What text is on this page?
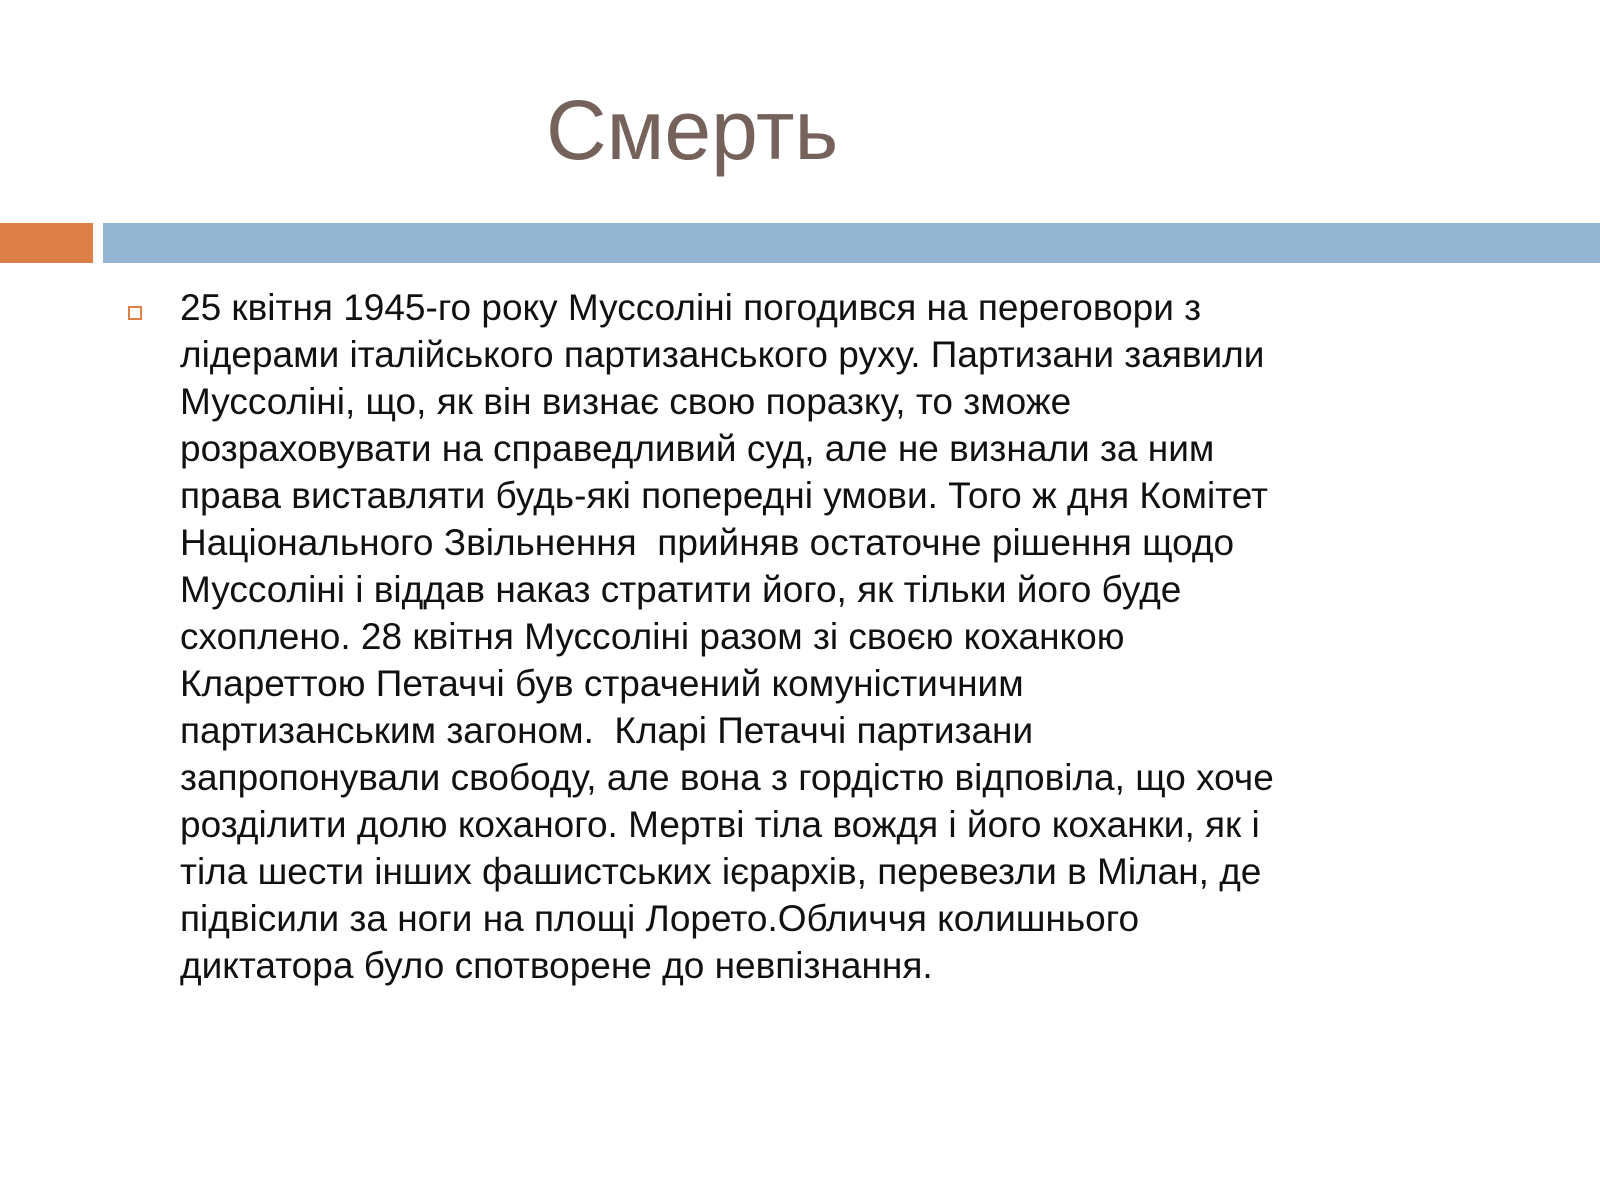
Смерть
25 квітня 1945-го року Муссоліні погодився на переговори з
лідерами італійського партизанського руху. Партизани заявили
Муссоліні, що, як він визнає свою поразку, то зможе
розраховувати на справедливий суд, але не визнали за ним
права виставляти будь-які попередні умови. Того ж дня Комітет
Національного Звільнення  прийняв остаточне рішення щодо
Муссоліні і віддав наказ стратити його, як тільки його буде
схоплено. 28 квітня Муссоліні разом зі своєю коханкою
Клареттою Петаччі був страчений комуністичним
партизанським загоном.  Кларі Петаччі партизани
запропонували свободу, але вона з гордістю відповіла, що хоче
розділити долю коханого. Мертві тіла вождя і його коханки, як і
тіла шести інших фашистських ієрархів, перевезли в Мілан, де
підвісили за ноги на площі Лорето.Обличчя колишнього
диктатора було спотворене до невпізнання.
